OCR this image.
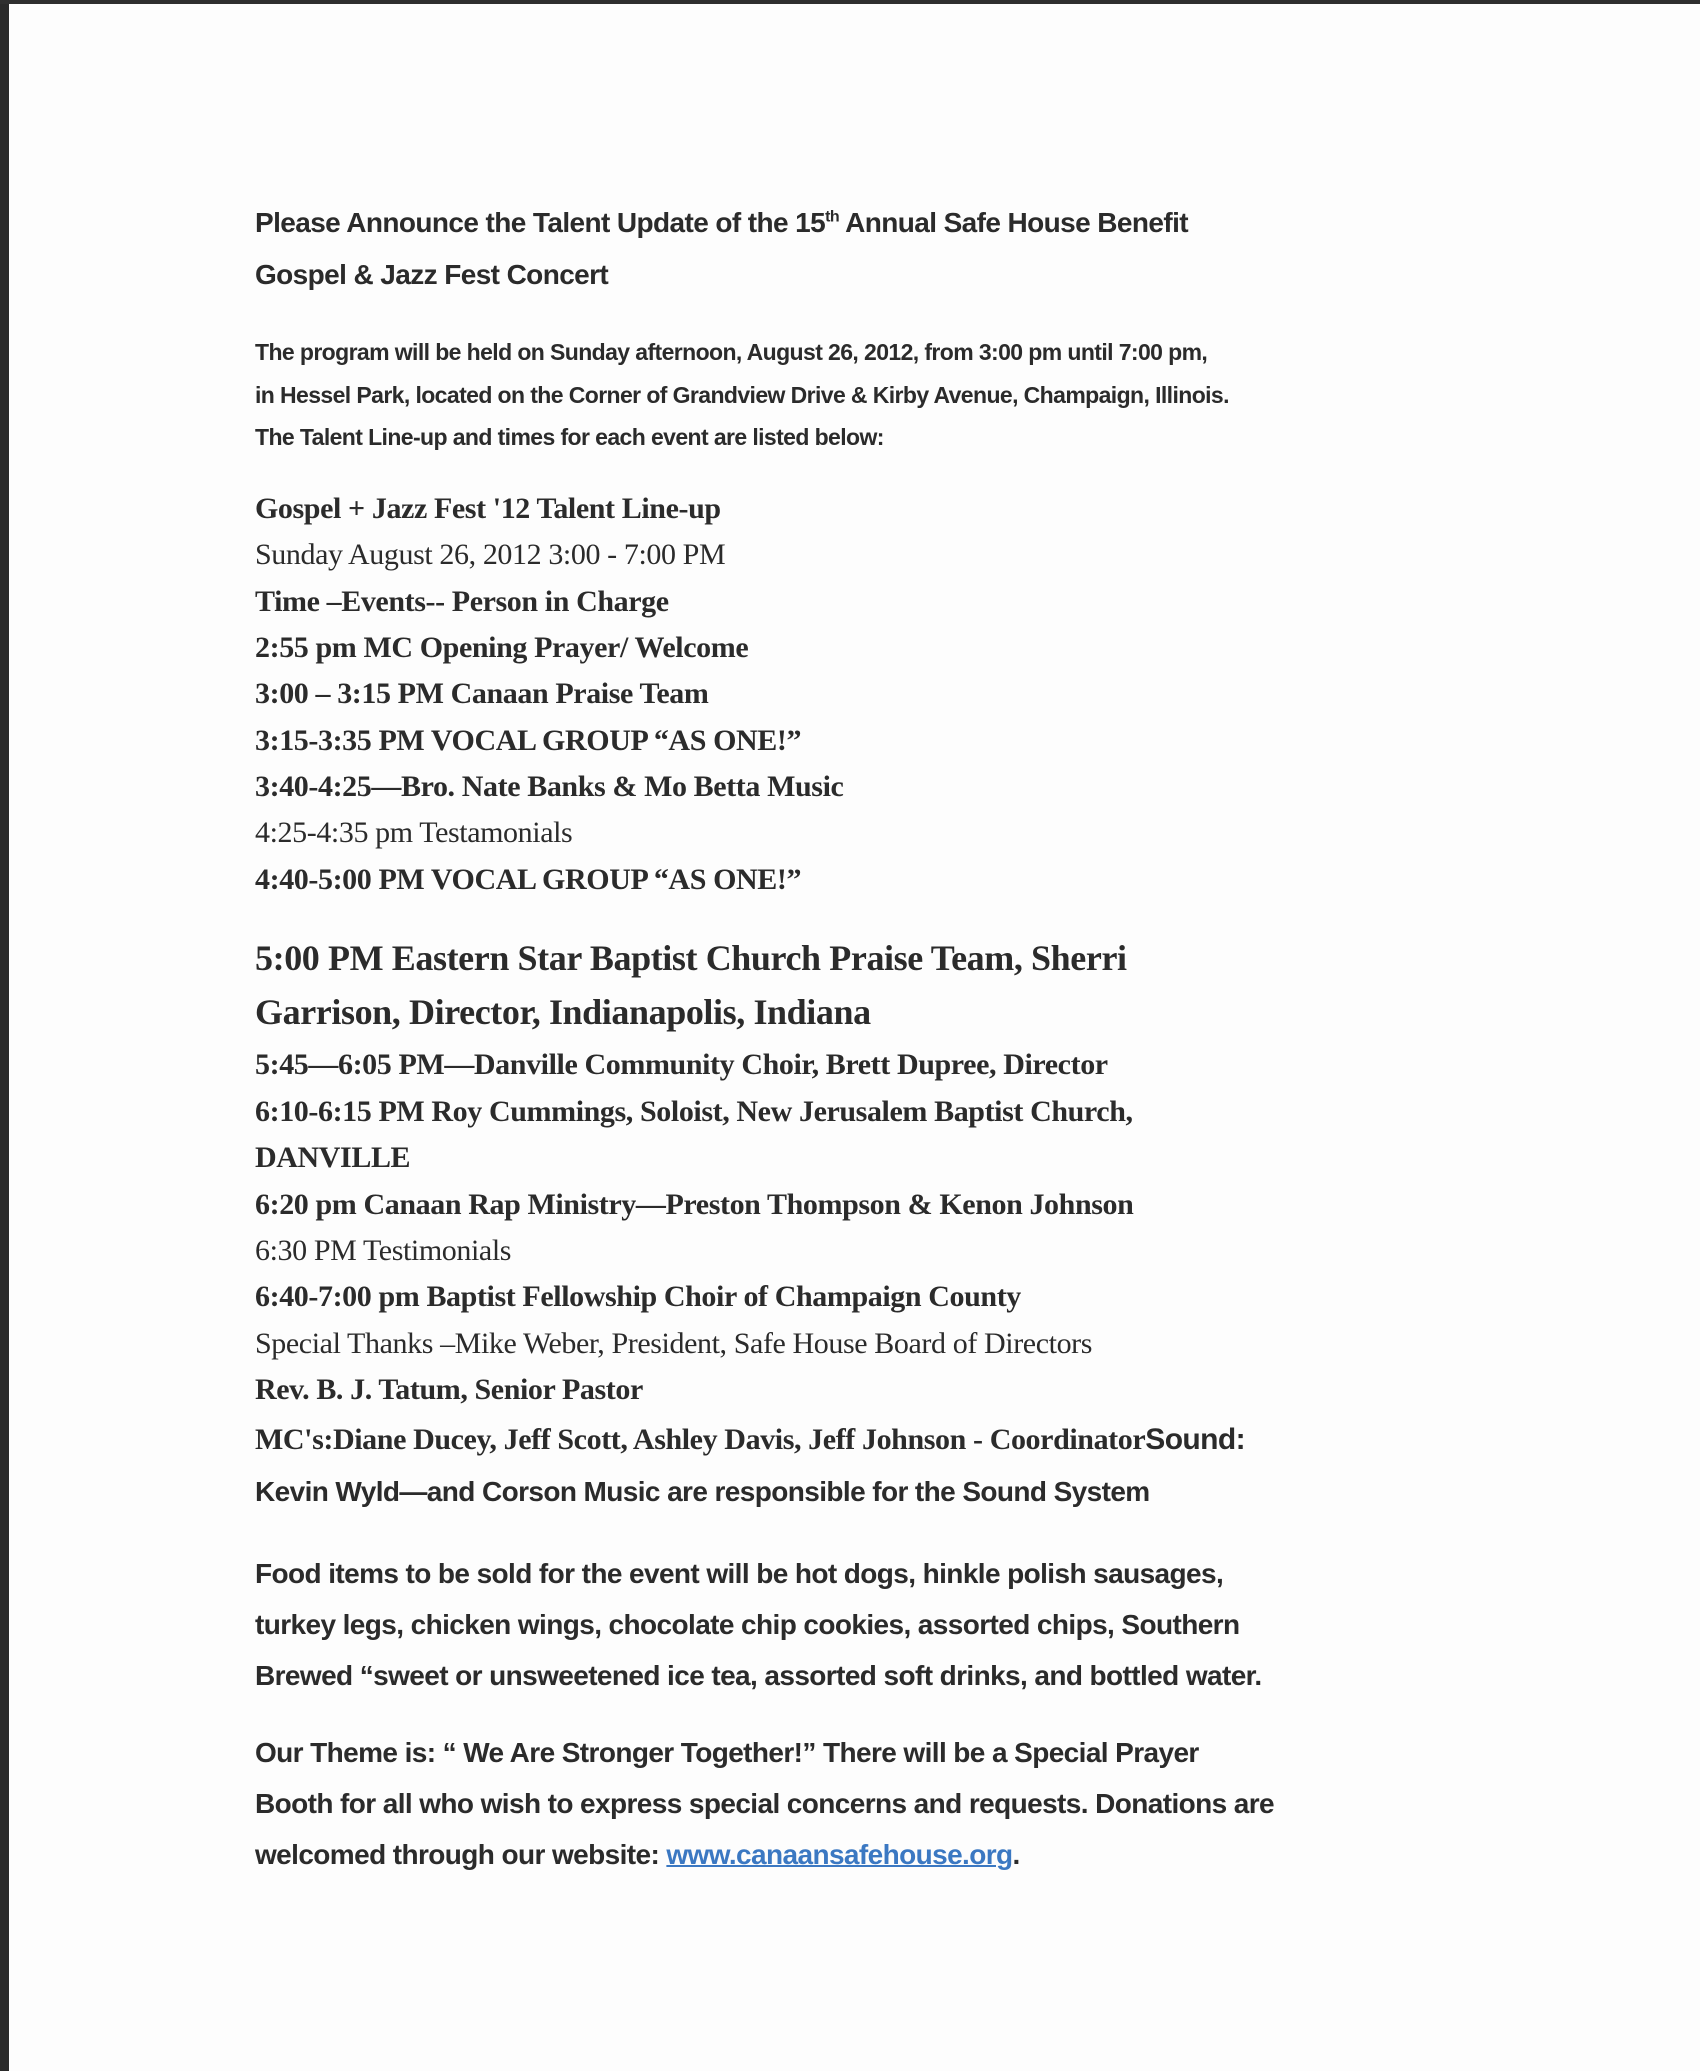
Please Announce the Talent Update of the 15th Annual Safe House Benefit
Gospel & Jazz Fest Concert
The program will be held on Sunday afternoon, August 26, 2012, from 3:00 pm until 7:00 pm,
in Hessel Park, located on the Corner of Grandview Drive & Kirby Avenue, Champaign, Illinois.
The Talent Line-up and times for each event are listed below:
Gospel + Jazz Fest '12 Talent Line-up
Sunday August 26, 2012 3:00 - 7:00 PM
Time –Events-- Person in Charge
2:55 pm MC Opening Prayer/ Welcome
3:00 – 3:15 PM Canaan Praise Team
3:15-3:35 PM VOCAL GROUP “AS ONE!”
3:40-4:25—Bro. Nate Banks & Mo Betta Music
4:25-4:35 pm Testamonials
4:40-5:00 PM VOCAL GROUP “AS ONE!”
5:00 PM Eastern Star Baptist Church Praise Team, Sherri
Garrison, Director, Indianapolis, Indiana
5:45—6:05 PM—Danville Community Choir, Brett Dupree, Director
6:10-6:15 PM Roy Cummings, Soloist, New Jerusalem Baptist Church,
DANVILLE
6:20 pm Canaan Rap Ministry—Preston Thompson & Kenon Johnson
6:30 PM Testimonials
6:40-7:00 pm Baptist Fellowship Choir of Champaign County
Special Thanks –Mike Weber, President, Safe House Board of Directors
Rev. B. J. Tatum, Senior Pastor
MC's:Diane Ducey, Jeff Scott, Ashley Davis, Jeff Johnson - CoordinatorSound:
Kevin Wyld—and Corson Music are responsible for the Sound System
Food items to be sold for the event will be hot dogs, hinkle polish sausages,
turkey legs, chicken wings, chocolate chip cookies, assorted chips, Southern
Brewed “sweet or unsweetened ice tea, assorted soft drinks, and bottled water.
Our Theme is: “ We Are Stronger Together!” There will be a Special Prayer
Booth for all who wish to express special concerns and requests. Donations are
welcomed through our website: www.canaansafehouse.org.
